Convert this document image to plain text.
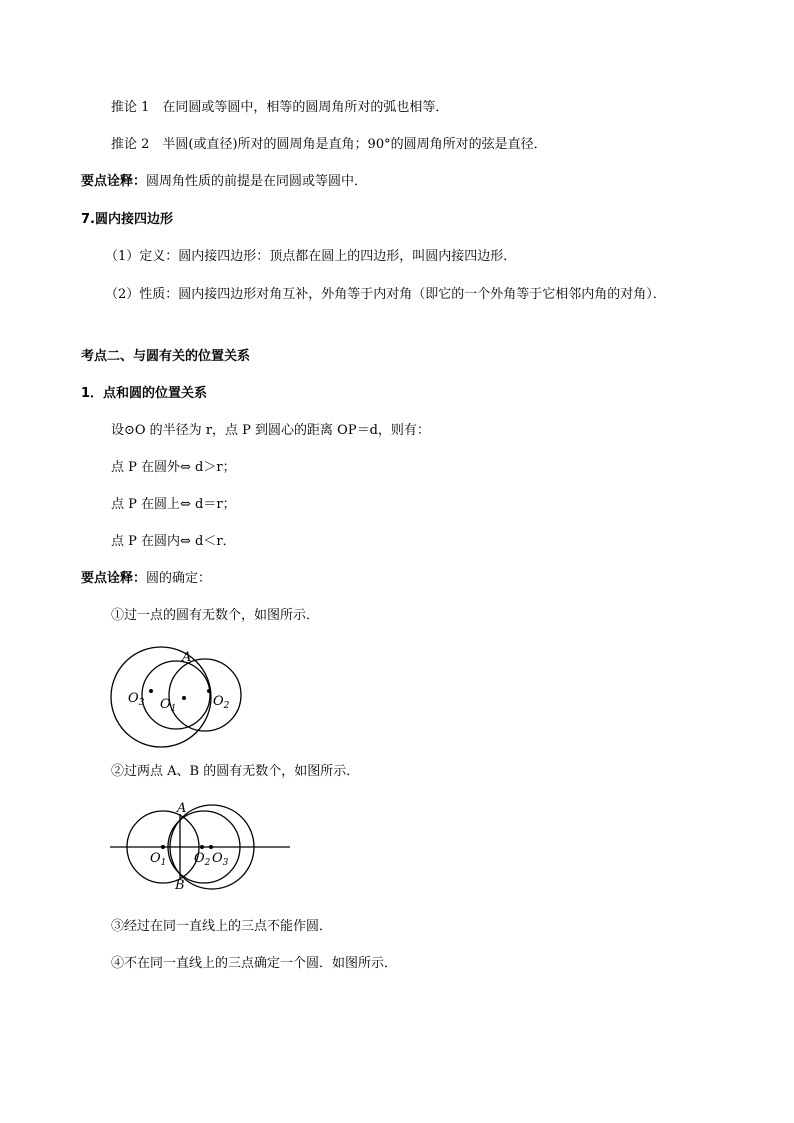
推论 1　在同圆或等圆中，相等的圆周角所对的弧也相等．
推论 2　半圆(或直径)所对的圆周角是直角；90°的圆周角所对的弦是直径．
要点诠释：圆周角性质的前提是在同圆或等圆中．
7.圆内接四边形
（1）定义：圆内接四边形：顶点都在圆上的四边形，叫圆内接四边形．
（2）性质：圆内接四边形对角互补，外角等于内对角（即它的一个外角等于它相邻内角的对角）．
考点二、与圆有关的位置关系
1．点和圆的位置关系
设⊙O 的半径为 r，点 P 到圆心的距离 OP＝d，则有：
点 P 在圆外⇔ d＞r；
点 P 在圆上⇔ d＝r；
点 P 在圆内⇔ d＜r．
要点诠释：圆的确定：
①过一点的圆有无数个，如图所示．
A
$O_3$ $O_1$	$O_2$
②过两点 A、B 的圆有无数个，如图所示．
A
B
$O_1$ $O_2$ $O_3$
③经过在同一直线上的三点不能作圆．
④不在同一直线上的三点确定一个圆．如图所示．
